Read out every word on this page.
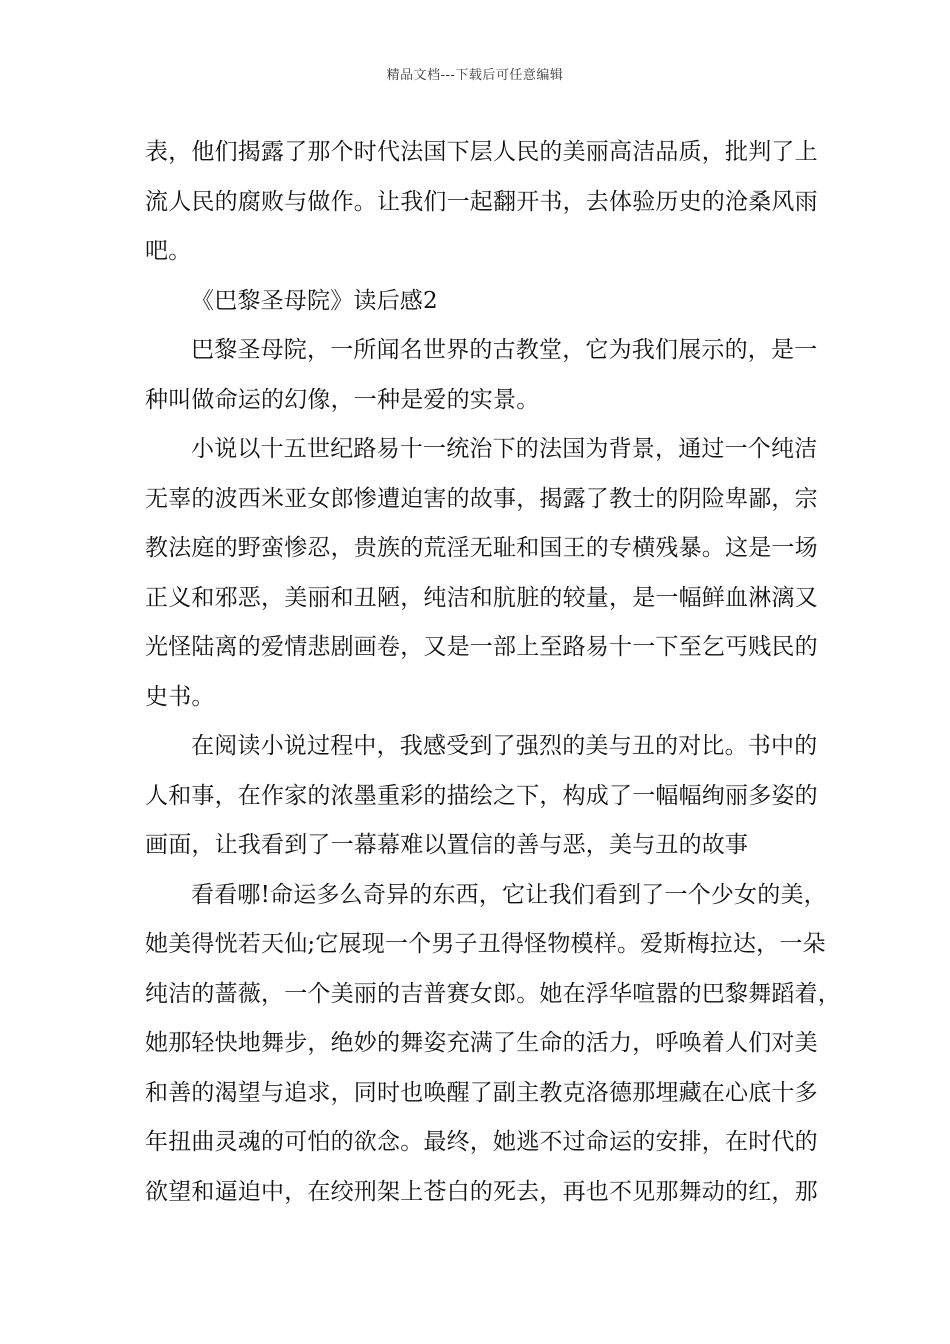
精品文档---下载后可任意编辑
表，他们揭露了那个时代法国下层人民的美丽高洁品质，批判了上
流人民的腐败与做作。让我们一起翻开书，去体验历史的沧桑风雨
吧。
《巴黎圣母院》读后感2
巴黎圣母院，一所闻名世界的古教堂，它为我们展示的，是一
种叫做命运的幻像，一种是爱的实景。
小说以十五世纪路易十一统治下的法国为背景，通过一个纯洁
无辜的波西米亚女郎惨遭迫害的故事，揭露了教士的阴险卑鄙，宗
教法庭的野蛮惨忍，贵族的荒淫无耻和国王的专横残暴。这是一场
正义和邪恶，美丽和丑陋，纯洁和肮脏的较量，是一幅鲜血淋漓又
光怪陆离的爱情悲剧画卷，又是一部上至路易十一下至乞丐贱民的
史书。
在阅读小说过程中，我感受到了强烈的美与丑的对比。书中的
人和事，在作家的浓墨重彩的描绘之下，构成了一幅幅绚丽多姿的
画面，让我看到了一幕幕难以置信的善与恶，美与丑的故事
看看哪!命运多么奇异的东西，它让我们看到了一个少女的美，
她美得恍若天仙;它展现一个男子丑得怪物模样。爱斯梅拉达，一朵
纯洁的蔷薇，一个美丽的吉普赛女郎。她在浮华喧嚣的巴黎舞蹈着，
她那轻快地舞步，绝妙的舞姿充满了生命的活力，呼唤着人们对美
和善的渴望与追求，同时也唤醒了副主教克洛德那埋藏在心底十多
年扭曲灵魂的可怕的欲念。最终，她逃不过命运的安排，在时代的
欲望和逼迫中，在绞刑架上苍白的死去，再也不见那舞动的红，那
